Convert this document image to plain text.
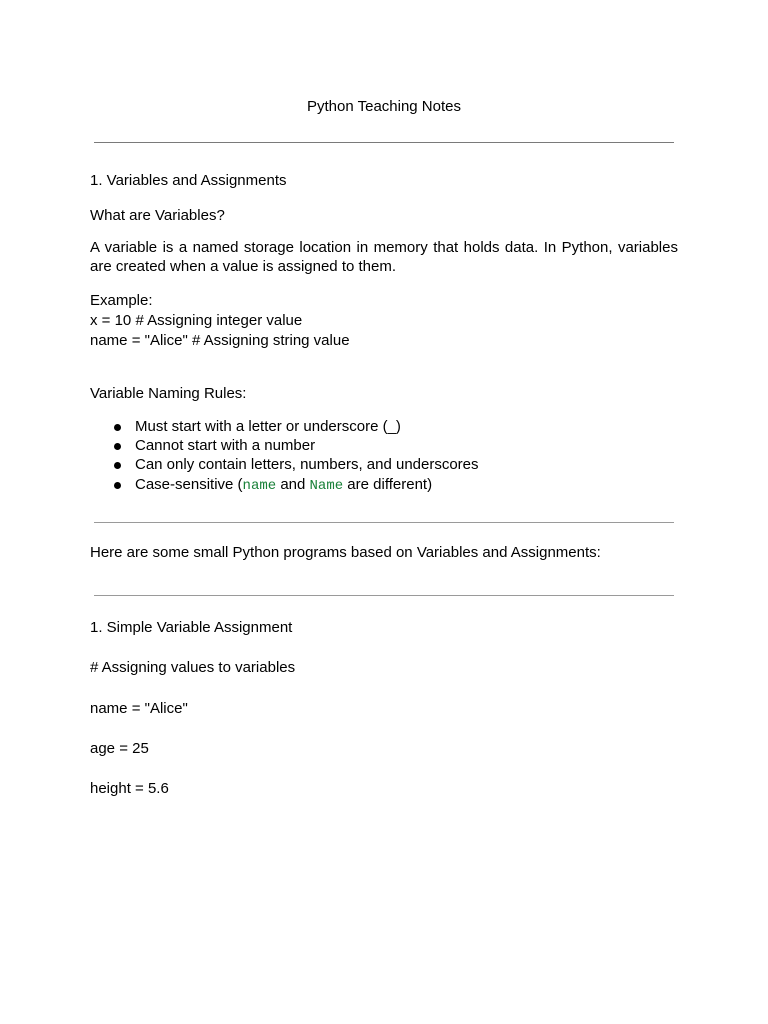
Python Teaching Notes

1. Variables and Assignments

What are Variables?

A variable is a named storage location in memory that holds data. In Python, variables are created when a value is assigned to them.

Example:
x = 10 # Assigning integer value
name = "Alice" # Assigning string value

Variable Naming Rules:

Must start with a letter or underscore (_)
Cannot start with a number
Can only contain letters, numbers, and underscores
Case-sensitive (name and Name are different)

Here are some small Python programs based on Variables and Assignments:

1. Simple Variable Assignment

# Assigning values to variables

name = "Alice"

age = 25

height = 5.6
